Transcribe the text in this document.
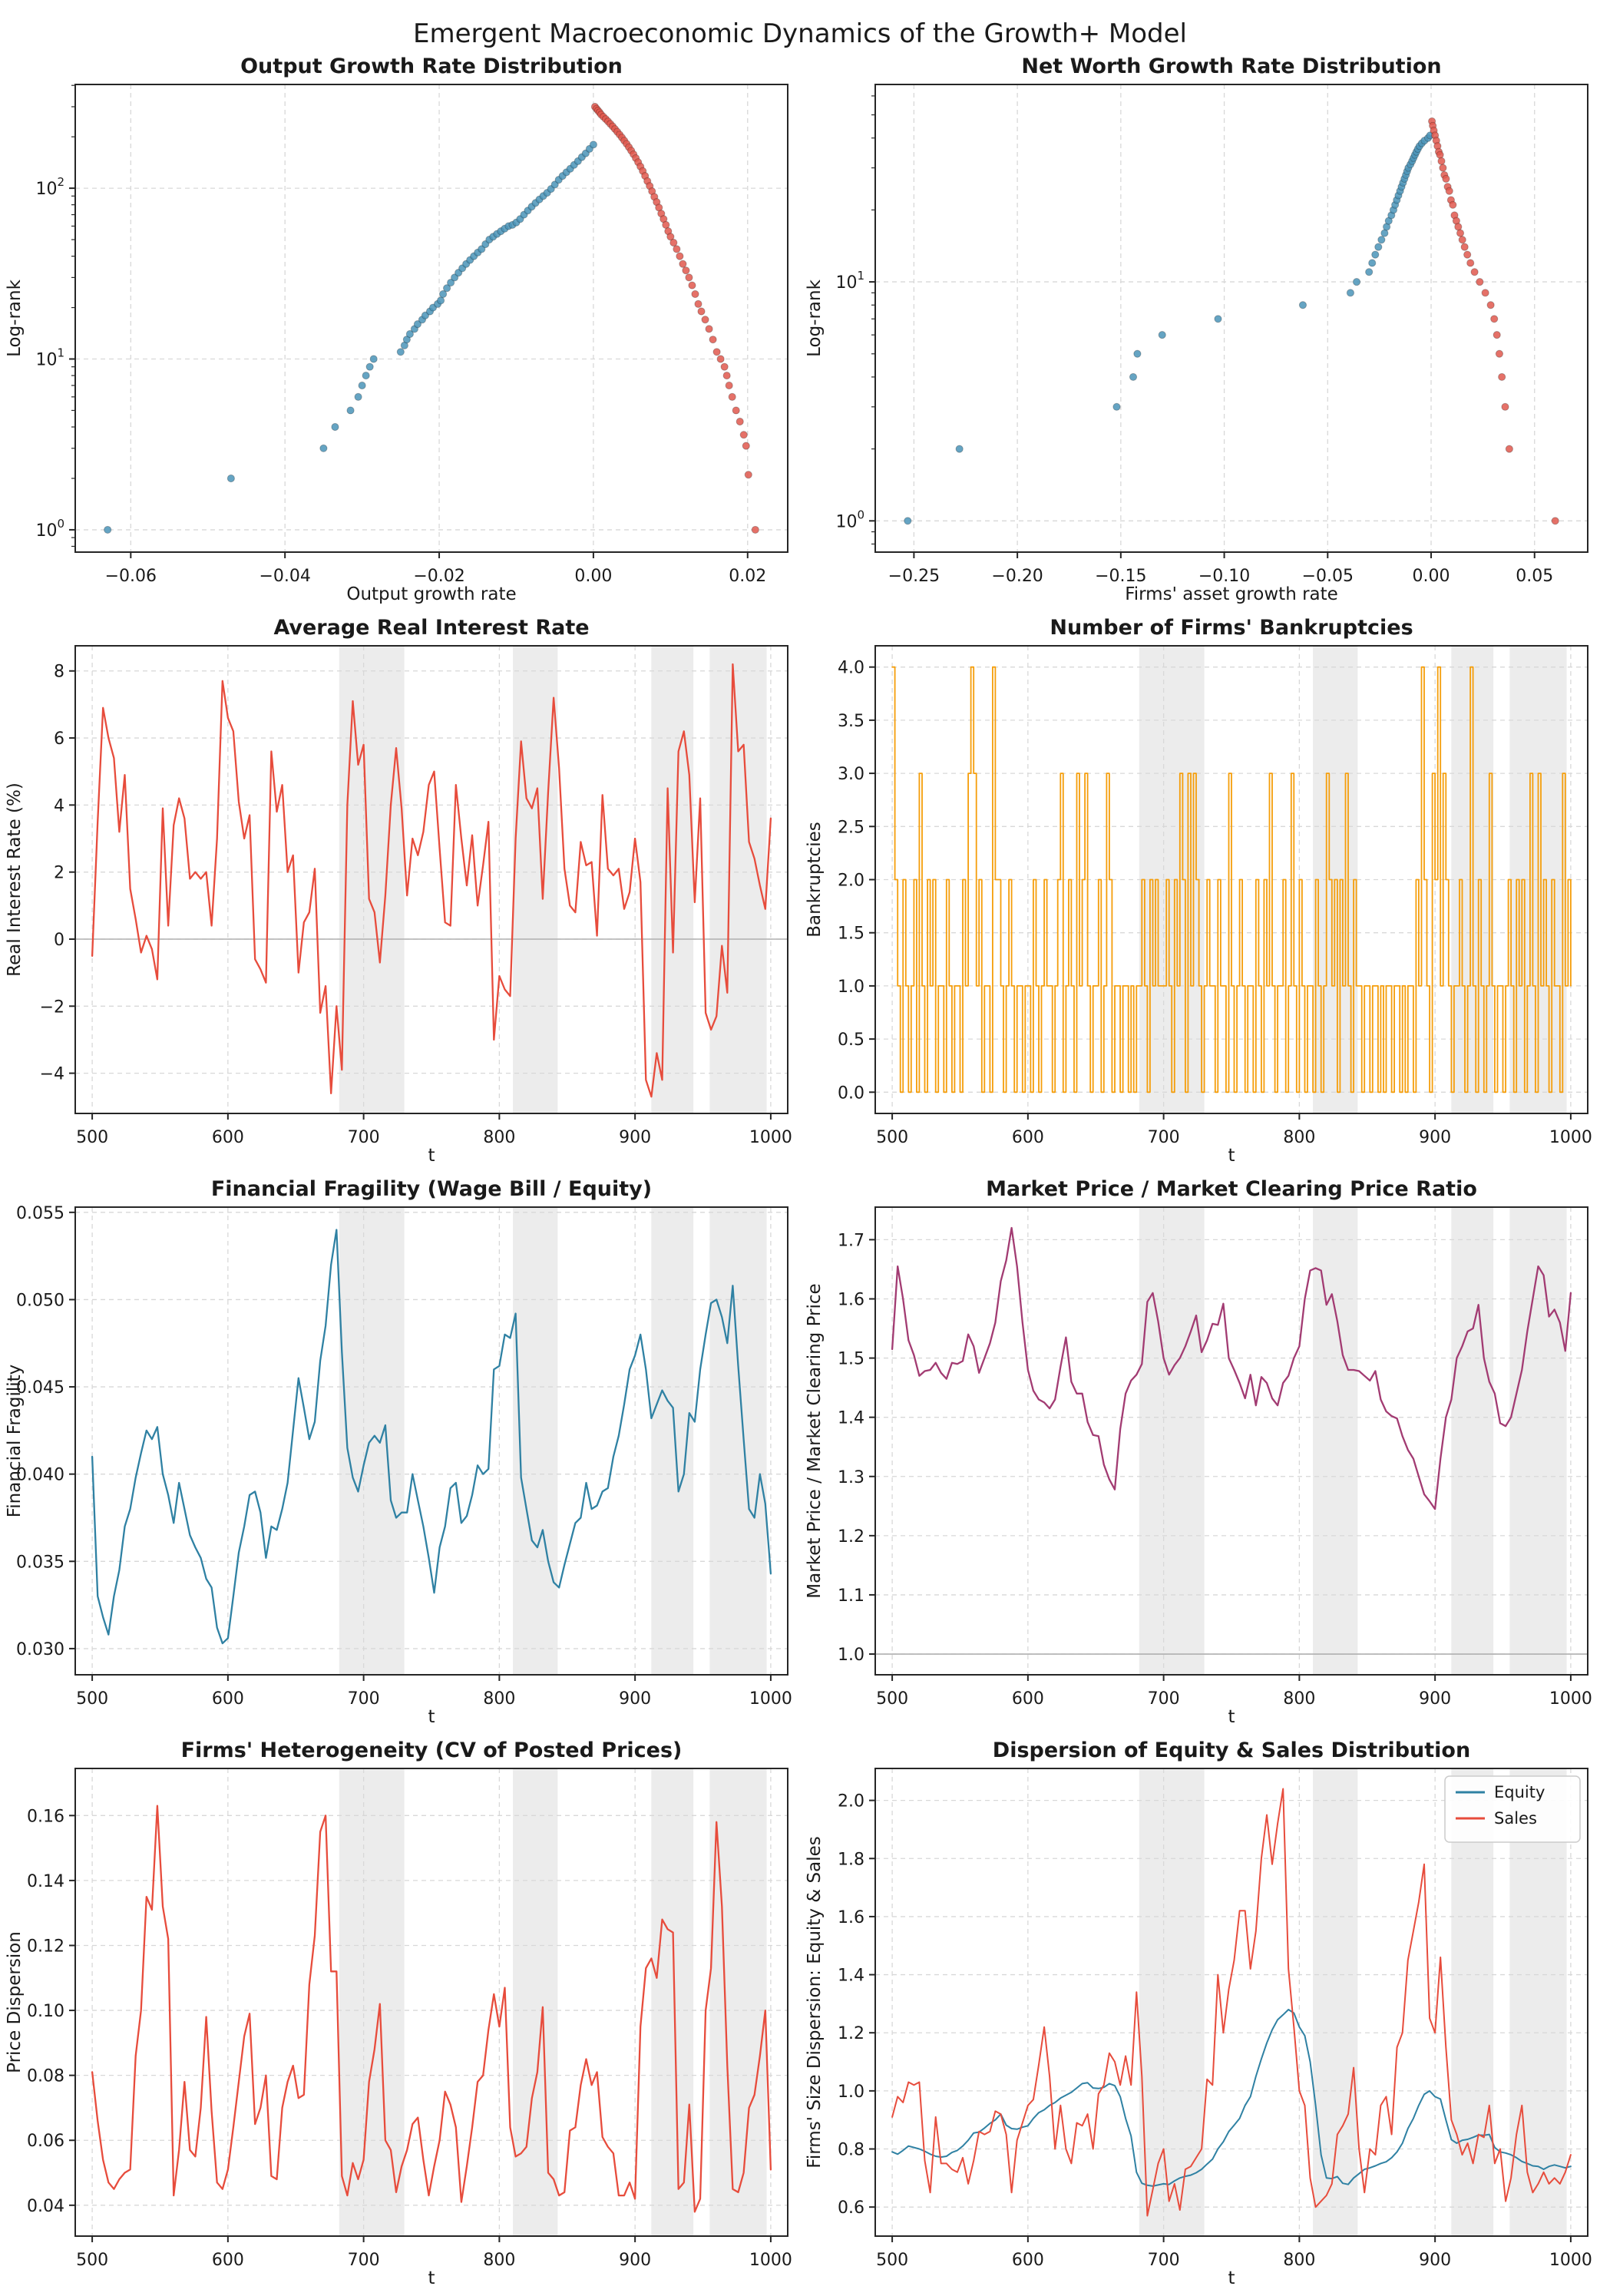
Emergent Macroeconomic Dynamics of the Growth+ Model
−0.06	−0.04	−0.02	0.00	0.02
$10^0$
$10^1$
$10^2$
Output growth rate
Log-rank
Output Growth Rate Distribution
−0.25	−0.20	−0.15	−0.10	−0.05	0.00	0.05
$10^0$
$10^1$
Firms' asset growth rate
Log-rank
Net Worth Growth Rate Distribution
500	600	700	800	900	1000
−4
−2
0
2
4
6
8
t
Real Interest Rate (%)
Average Real Interest Rate
500	600	700	800	900	1000
0.0
0.5
1.0
1.5
2.0
2.5
3.0
3.5
4.0
t
Bankruptcies
Number of Firms' Bankruptcies
500	600	700	800	900	1000
0.030
0.035
0.040
0.045
0.050
0.055
t
Financial Fragility
Financial Fragility (Wage Bill / Equity)
500	600	700	800	900	1000
1.0
1.1
1.2
1.3
1.4
1.5
1.6
1.7
t
Market Price / Market Clearing Price
Market Price / Market Clearing Price Ratio
500	600	700	800	900	1000
0.04
0.06
0.08
0.10
0.12
0.14
0.16
t
Price Dispersion
Firms' Heterogeneity (CV of Posted Prices)
500	600	700	800	900	1000
0.6
0.8
1.0
1.2
1.4
1.6
1.8
2.0
t
Firms' Size Dispersion: Equity & Sales
Dispersion of Equity & Sales Distribution
Equity
Sales
